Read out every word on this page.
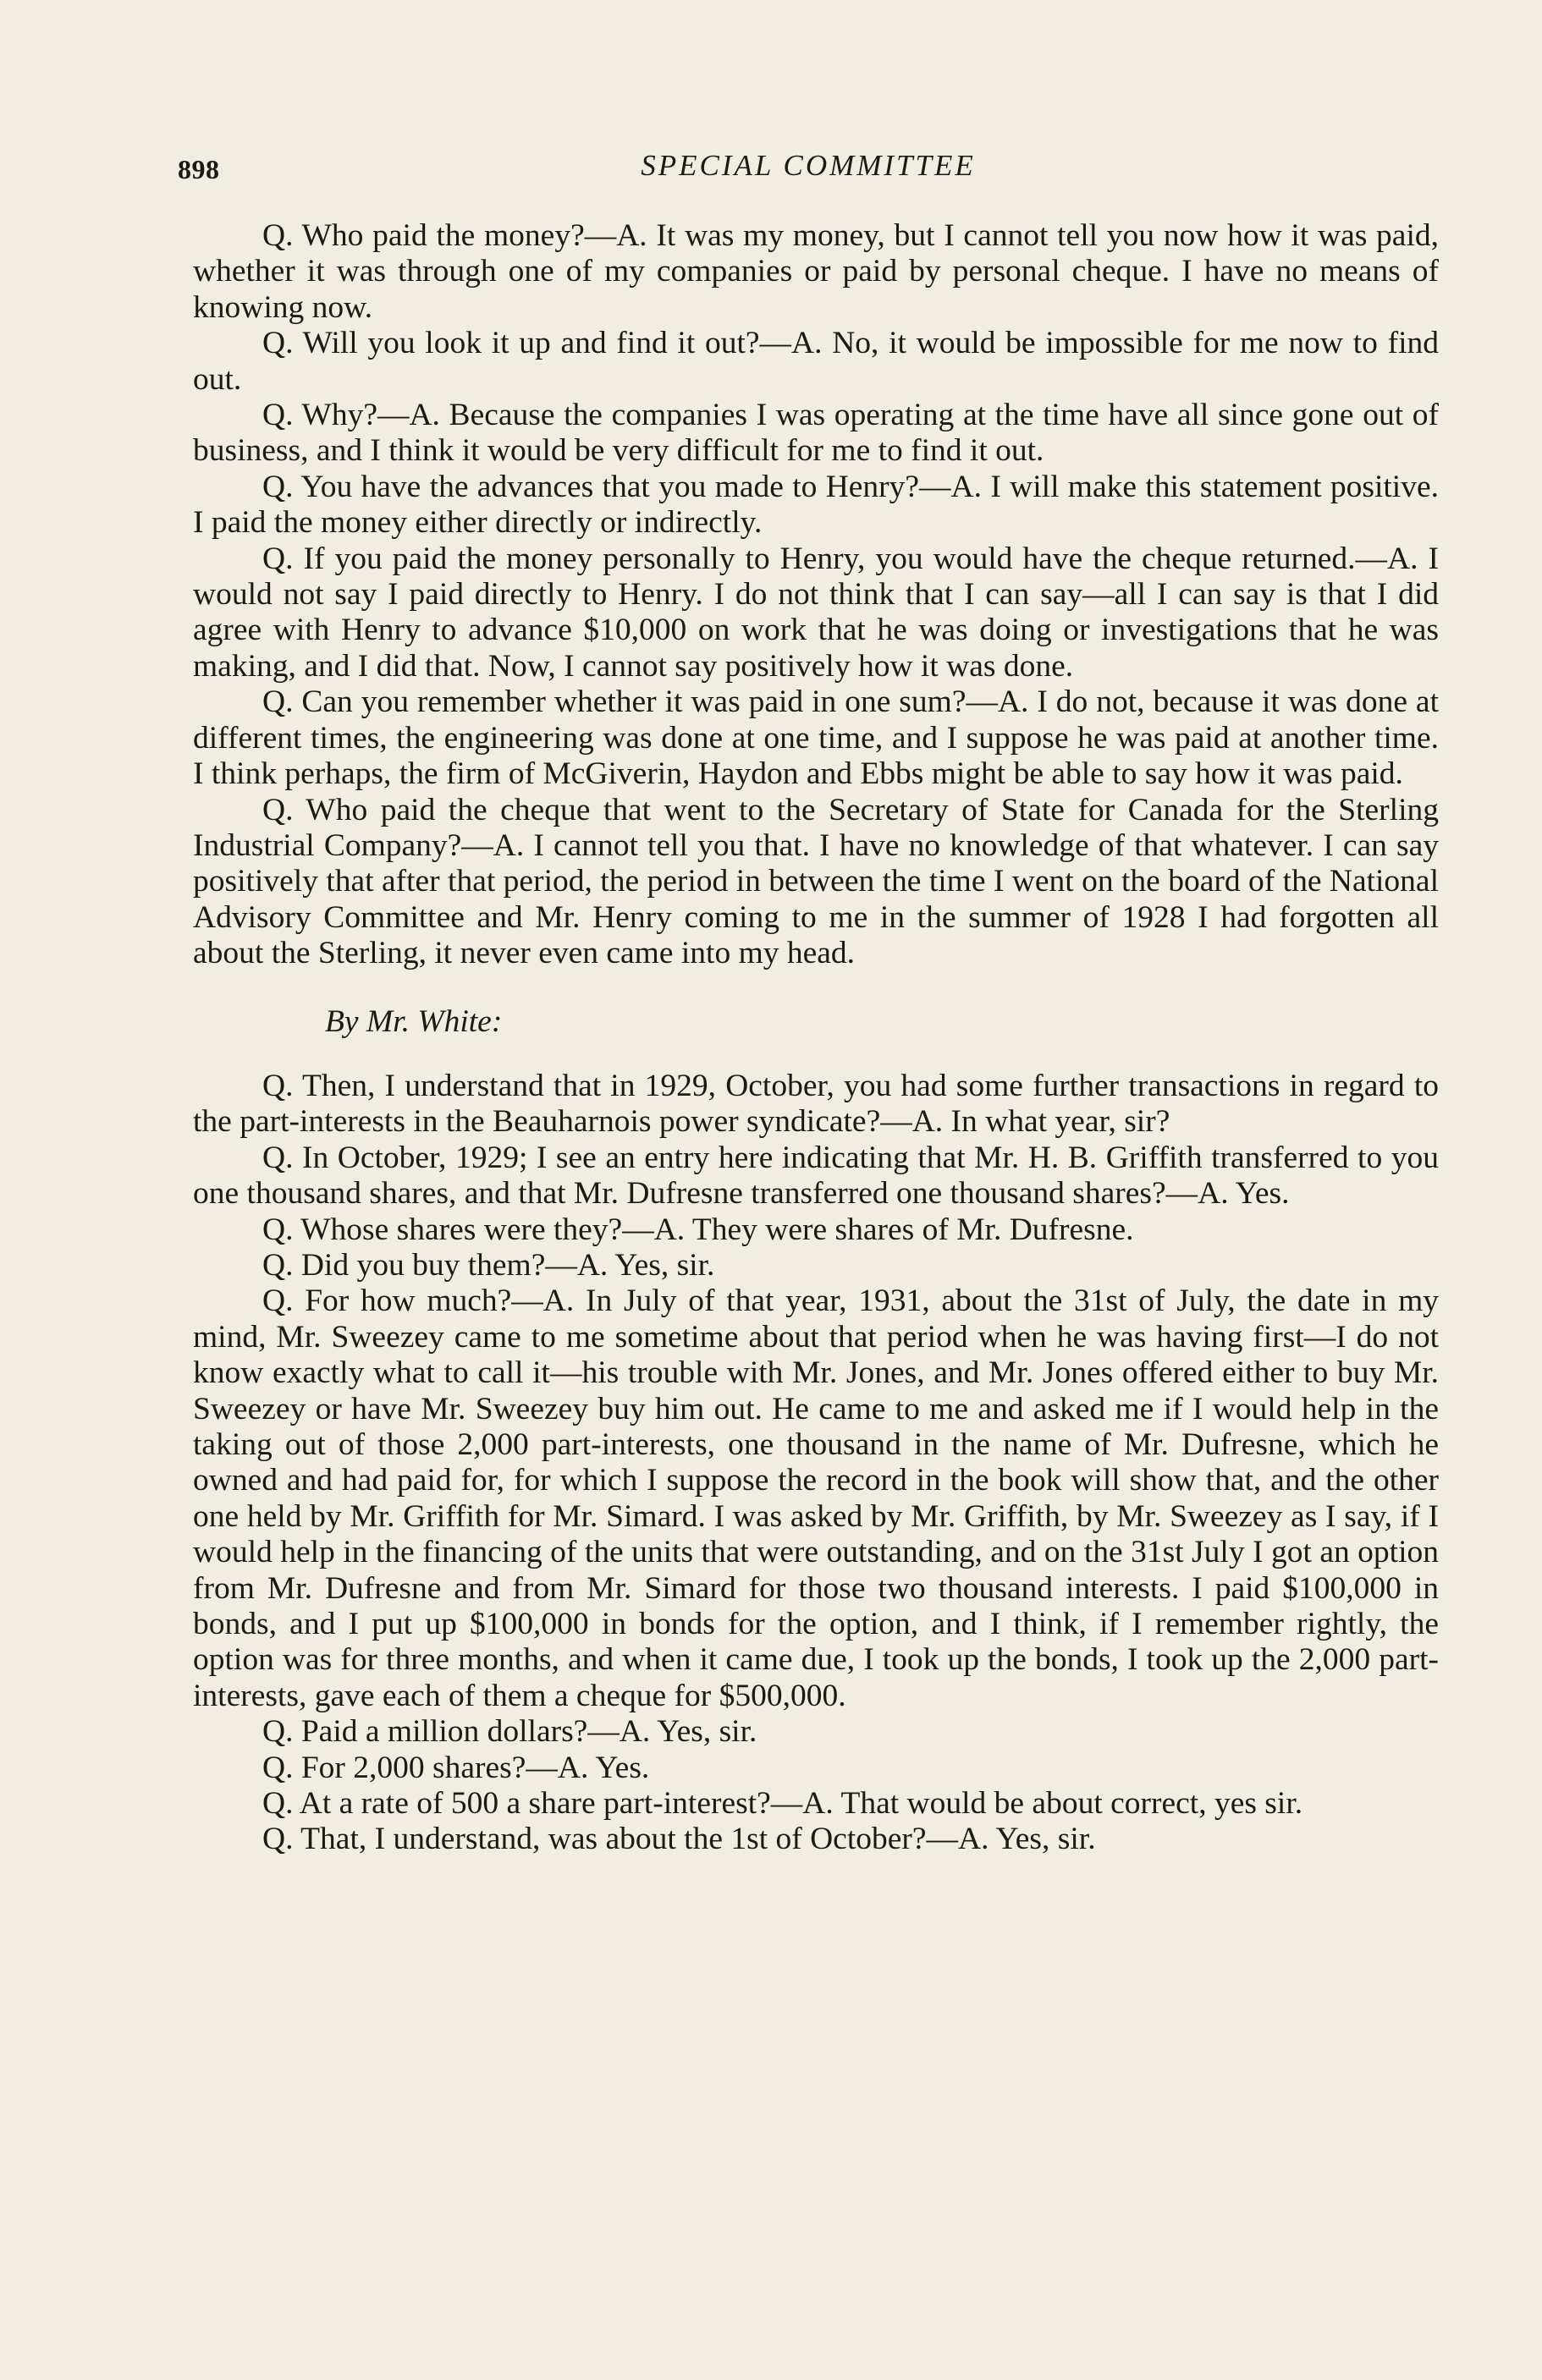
898	SPECIAL COMMITTEE

Q. Who paid the money?—A. It was my money, but I cannot tell you now how it was paid, whether it was through one of my companies or paid by personal cheque. I have no means of knowing now.

Q. Will you look it up and find it out?—A. No, it would be impossible for me now to find out.

Q. Why?—A. Because the companies I was operating at the time have all since gone out of business, and I think it would be very difficult for me to find it out.

Q. You have the advances that you made to Henry?—A. I will make this statement positive. I paid the money either directly or indirectly.

Q. If you paid the money personally to Henry, you would have the cheque returned.—A. I would not say I paid directly to Henry. I do not think that I can say—all I can say is that I did agree with Henry to advance $10,000 on work that he was doing or investigations that he was making, and I did that. Now, I cannot say positively how it was done.

Q. Can you remember whether it was paid in one sum?—A. I do not, because it was done at different times, the engineering was done at one time, and I suppose he was paid at another time. I think perhaps, the firm of McGiverin, Haydon and Ebbs might be able to say how it was paid.

Q. Who paid the cheque that went to the Secretary of State for Canada for the Sterling Industrial Company?—A. I cannot tell you that. I have no knowledge of that whatever. I can say positively that after that period, the period in between the time I went on the board of the National Advisory Committee and Mr. Henry coming to me in the summer of 1928 I had forgotten all about the Sterling, it never even came into my head.

By Mr. White:

Q. Then, I understand that in 1929, October, you had some further transactions in regard to the part-interests in the Beauharnois power syndicate?—A. In what year, sir?

Q. In October, 1929; I see an entry here indicating that Mr. H. B. Griffith transferred to you one thousand shares, and that Mr. Dufresne transferred one thousand shares?—A. Yes.

Q. Whose shares were they?—A. They were shares of Mr. Dufresne.

Q. Did you buy them?—A. Yes, sir.

Q. For how much?—A. In July of that year, 1931, about the 31st of July, the date in my mind, Mr. Sweezey came to me sometime about that period when he was having first—I do not know exactly what to call it—his trouble with Mr. Jones, and Mr. Jones offered either to buy Mr. Sweezey or have Mr. Sweezey buy him out. He came to me and asked me if I would help in the taking out of those 2,000 part-interests, one thousand in the name of Mr. Dufresne, which he owned and had paid for, for which I suppose the record in the book will show that, and the other one held by Mr. Griffith for Mr. Simard. I was asked by Mr. Griffith, by Mr. Sweezey as I say, if I would help in the financing of the units that were outstanding, and on the 31st July I got an option from Mr. Dufresne and from Mr. Simard for those two thousand interests. I paid $100,000 in bonds, and I put up $100,000 in bonds for the option, and I think, if I remember rightly, the option was for three months, and when it came due, I took up the bonds, I took up the 2,000 part-interests, gave each of them a cheque for $500,000.

Q. Paid a million dollars?—A. Yes, sir.

Q. For 2,000 shares?—A. Yes.

Q. At a rate of 500 a share part-interest?—A. That would be about correct, yes sir.

Q. That, I understand, was about the 1st of October?—A. Yes, sir.
